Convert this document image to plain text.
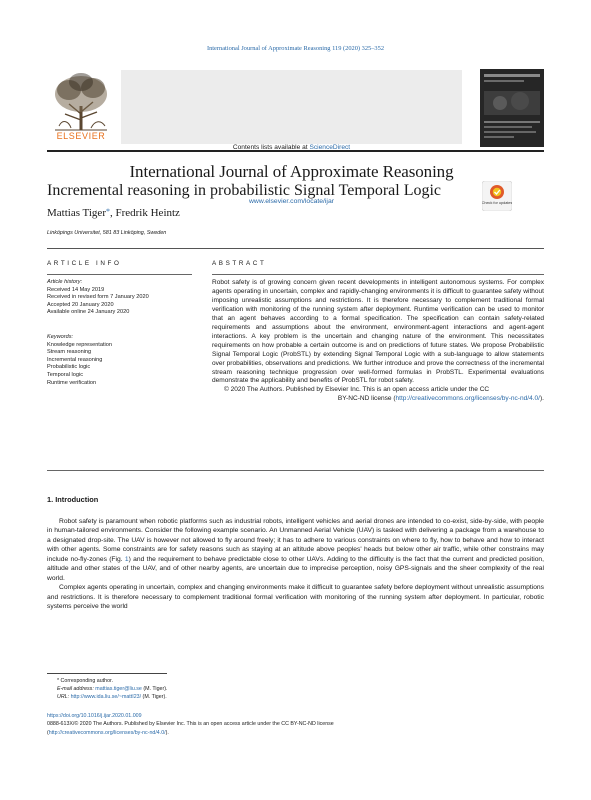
International Journal of Approximate Reasoning 119 (2020) 325–352
ELSEVIER
Contents lists available at ScienceDirect
International Journal of Approximate Reasoning
www.elsevier.com/locate/ijar
Incremental reasoning in probabilistic Signal Temporal Logic
Mattias Tiger*, Fredrik Heintz
Linköpings Universitet, 581 83 Linköping, Sweden
Check for updates
ARTICLE INFO	ABSTRACT
Article history:
Received 14 May 2019
Received in revised form 7 January 2020
Accepted 20 January 2020
Available online 24 January 2020
Keywords:
Knowledge representation
Stream reasoning
Incremental reasoning
Probabilistic logic
Temporal logic
Runtime verification

Robot safety is of growing concern given recent developments in intelligent autonomous systems. For complex agents operating in uncertain, complex and rapidly-changing environments it is difficult to guarantee safety without imposing unrealistic assumptions and restrictions. It is therefore necessary to complement traditional formal verification with monitoring of the running system after deployment. Runtime verification can be used to monitor that an agent behaves according to a formal specification. The specification can contain safety-related requirements and assumptions about the environment, environment-agent interactions and agent-agent interactions. A key problem is the uncertain and changing nature of the environment. This necessitates requirements on how probable a certain outcome is and on predictions of future states. We propose Probabilistic Signal Temporal Logic (ProbSTL) by extending Signal Temporal Logic with a sub-language to allow statements over probabilities, observations and predictions. We further introduce and prove the correctness of the incremental stream reasoning technique progression over well-formed formulas in ProbSTL. Experimental evaluations demonstrate the applicability and benefits of ProbSTL for robot safety.

© 2020 The Authors. Published by Elsevier Inc. This is an open access article under the CC

BY-NC-ND license (http://creativecommons.org/licenses/by-nc-nd/4.0/).

1. Introduction

Robot safety is paramount when robotic platforms such as industrial robots, intelligent vehicles and aerial drones are intended to co-exist, side-by-side, with people in human-tailored environments. Consider the following example scenario. An Unmanned Aerial Vehicle (UAV) is tasked with delivering a package from a warehouse to a designated drop-site. The UAV is however not allowed to fly around freely; it has to adhere to various constraints on where to fly, how to behave and how to interact with other agents. Some constraints are for safety reasons such as staying at an altitude above peoples' heads but below other air traffic, while other constrains may include no-fly-zones (Fig. 1) and the requirement to behave predictable close to other UAVs. Adding to the difficulty is the fact that the current and predicted position, altitude and other states of the UAV, and of other nearby agents, are uncertain due to imprecise perception, noisy GPS-signals and the sheer complexity of the real world.

Complex agents operating in uncertain, complex and changing environments make it difficult to guarantee safety before deployment without unrealistic assumptions and restrictions. It is therefore necessary to complement traditional formal verification with monitoring of the running system after deployment. In particular, robotic systems perceive the world

* Corresponding author.
E-mail address: mattias.tiger@liu.se (M. Tiger).
URL: http://www.ida.liu.se/~mattI23/ (M. Tiger).
https://doi.org/10.1016/j.ijar.2020.01.009
0888-613X/© 2020 The Authors. Published by Elsevier Inc. This is an open access article under the CC BY-NC-ND license
(http://creativecommons.org/licenses/by-nc-nd/4.0/).
